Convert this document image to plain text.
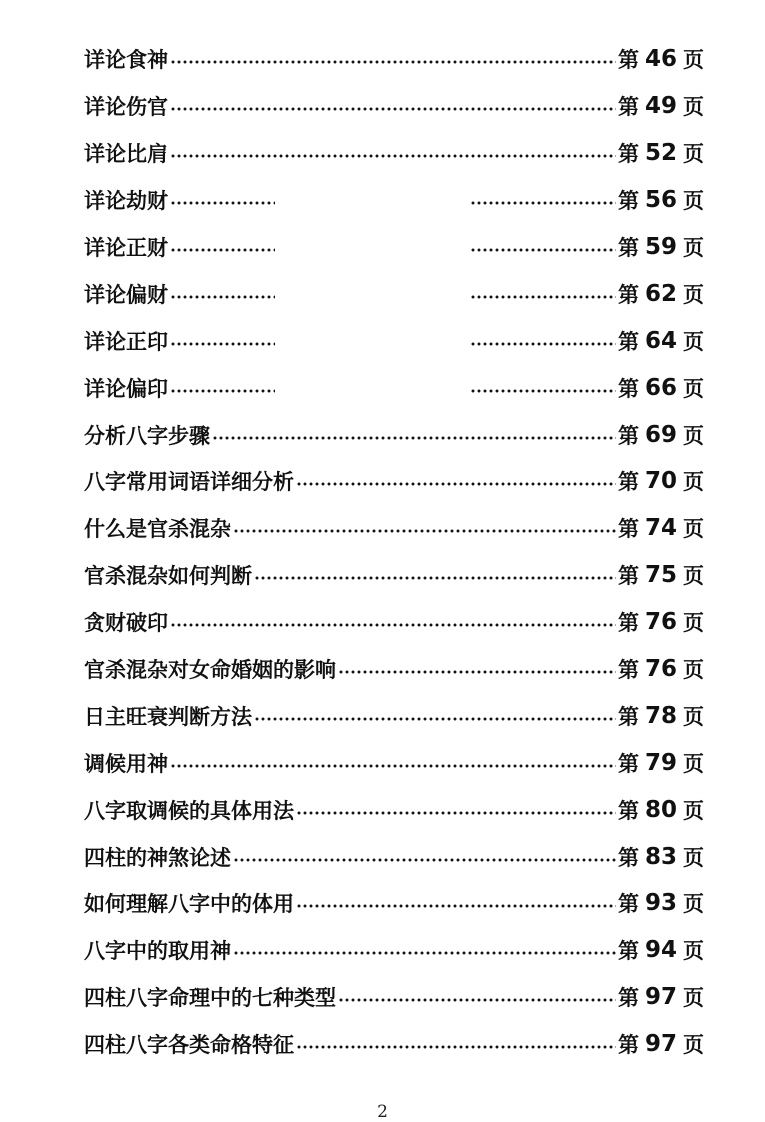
详论食神	第 46 页
详论伤官	第 49 页
详论比肩	第 52 页
详论劫财	第 56 页
详论正财	第 59 页
详论偏财	第 62 页
详论正印	第 64 页
详论偏印	第 66 页
分析八字步骤	第 69 页
八字常用词语详细分析	第 70 页
什么是官杀混杂	第 74 页
官杀混杂如何判断	第 75 页
贪财破印	第 76 页
官杀混杂对女命婚姻的影响	第 76 页
日主旺衰判断方法	第 78 页
调候用神	第 79 页
八字取调候的具体用法	第 80 页
四柱的神煞论述	第 83 页
如何理解八字中的体用	第 93 页
八字中的取用神	第 94 页
四柱八字命理中的七种类型	第 97 页
四柱八字各类命格特征	第 97 页
2
